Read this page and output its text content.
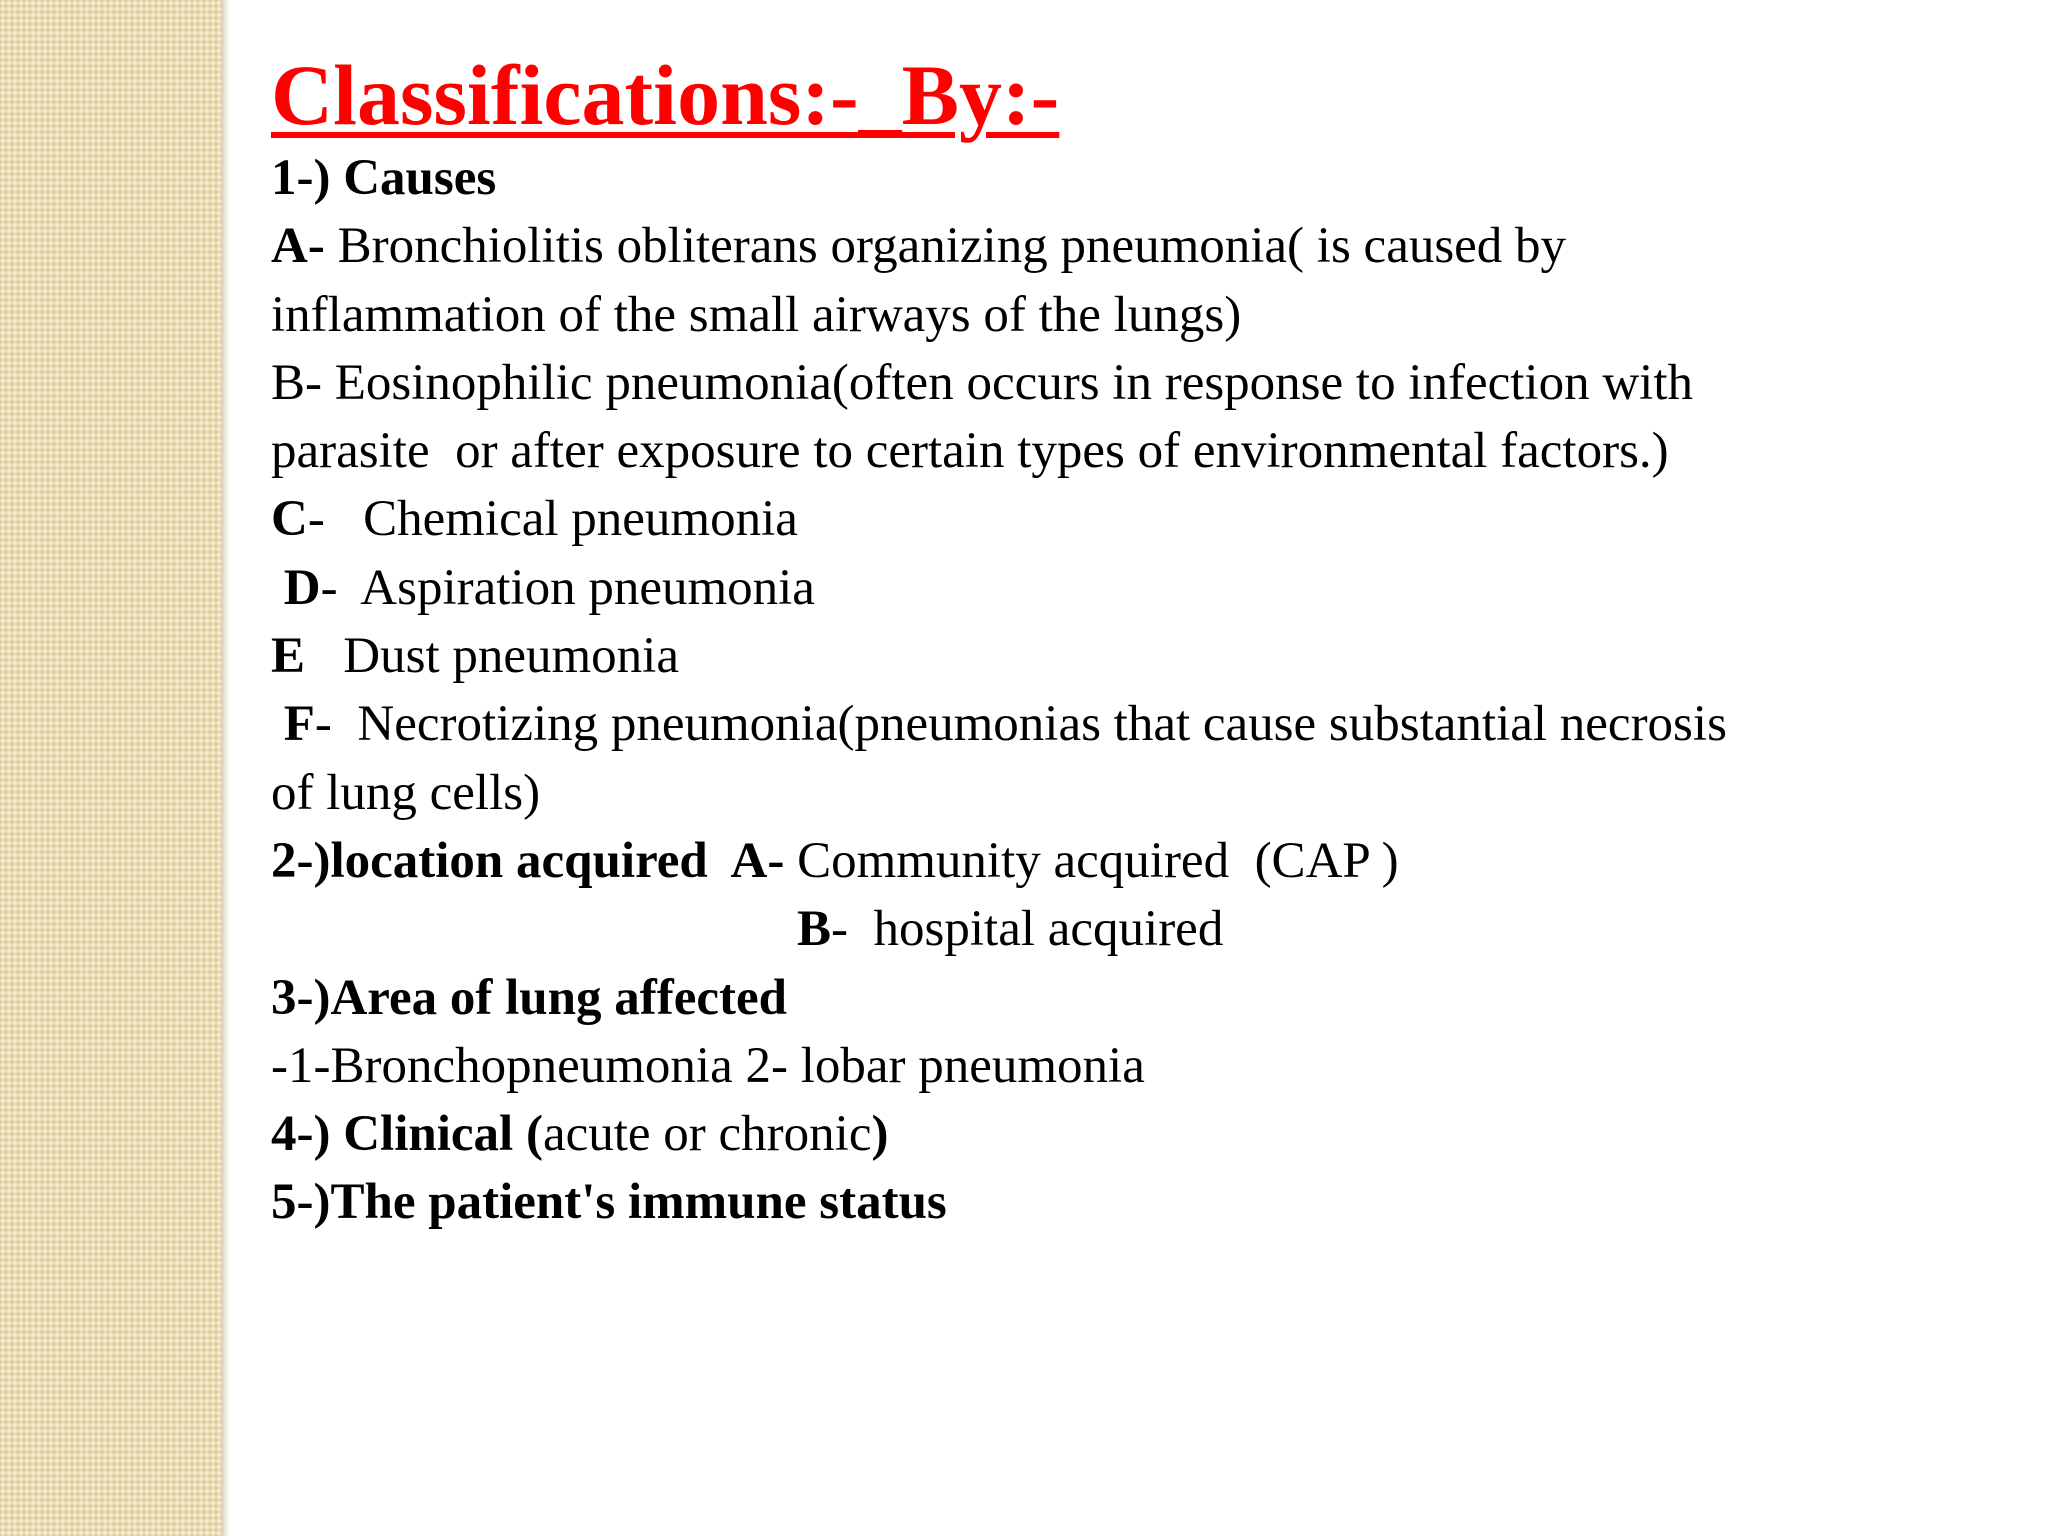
Classifications:-_By:-
1-) Causes
A- Bronchiolitis obliterans organizing pneumonia( is caused by
inflammation of the small airways of the lungs)
B- Eosinophilic pneumonia(often occurs in response to infection with
parasite  or after exposure to certain types of environmental factors.)
C-   Chemical pneumonia
D-  Aspiration pneumonia
E   Dust pneumonia
F-  Necrotizing pneumonia(pneumonias that cause substantial necrosis
of lung cells)
2-)location acquired  A- Community acquired  (CAP )
B-  hospital acquired
3-)Area of lung affected
-1-Bronchopneumonia 2- lobar pneumonia
4-) Clinical (acute or chronic)
5-)The patient's immune status
